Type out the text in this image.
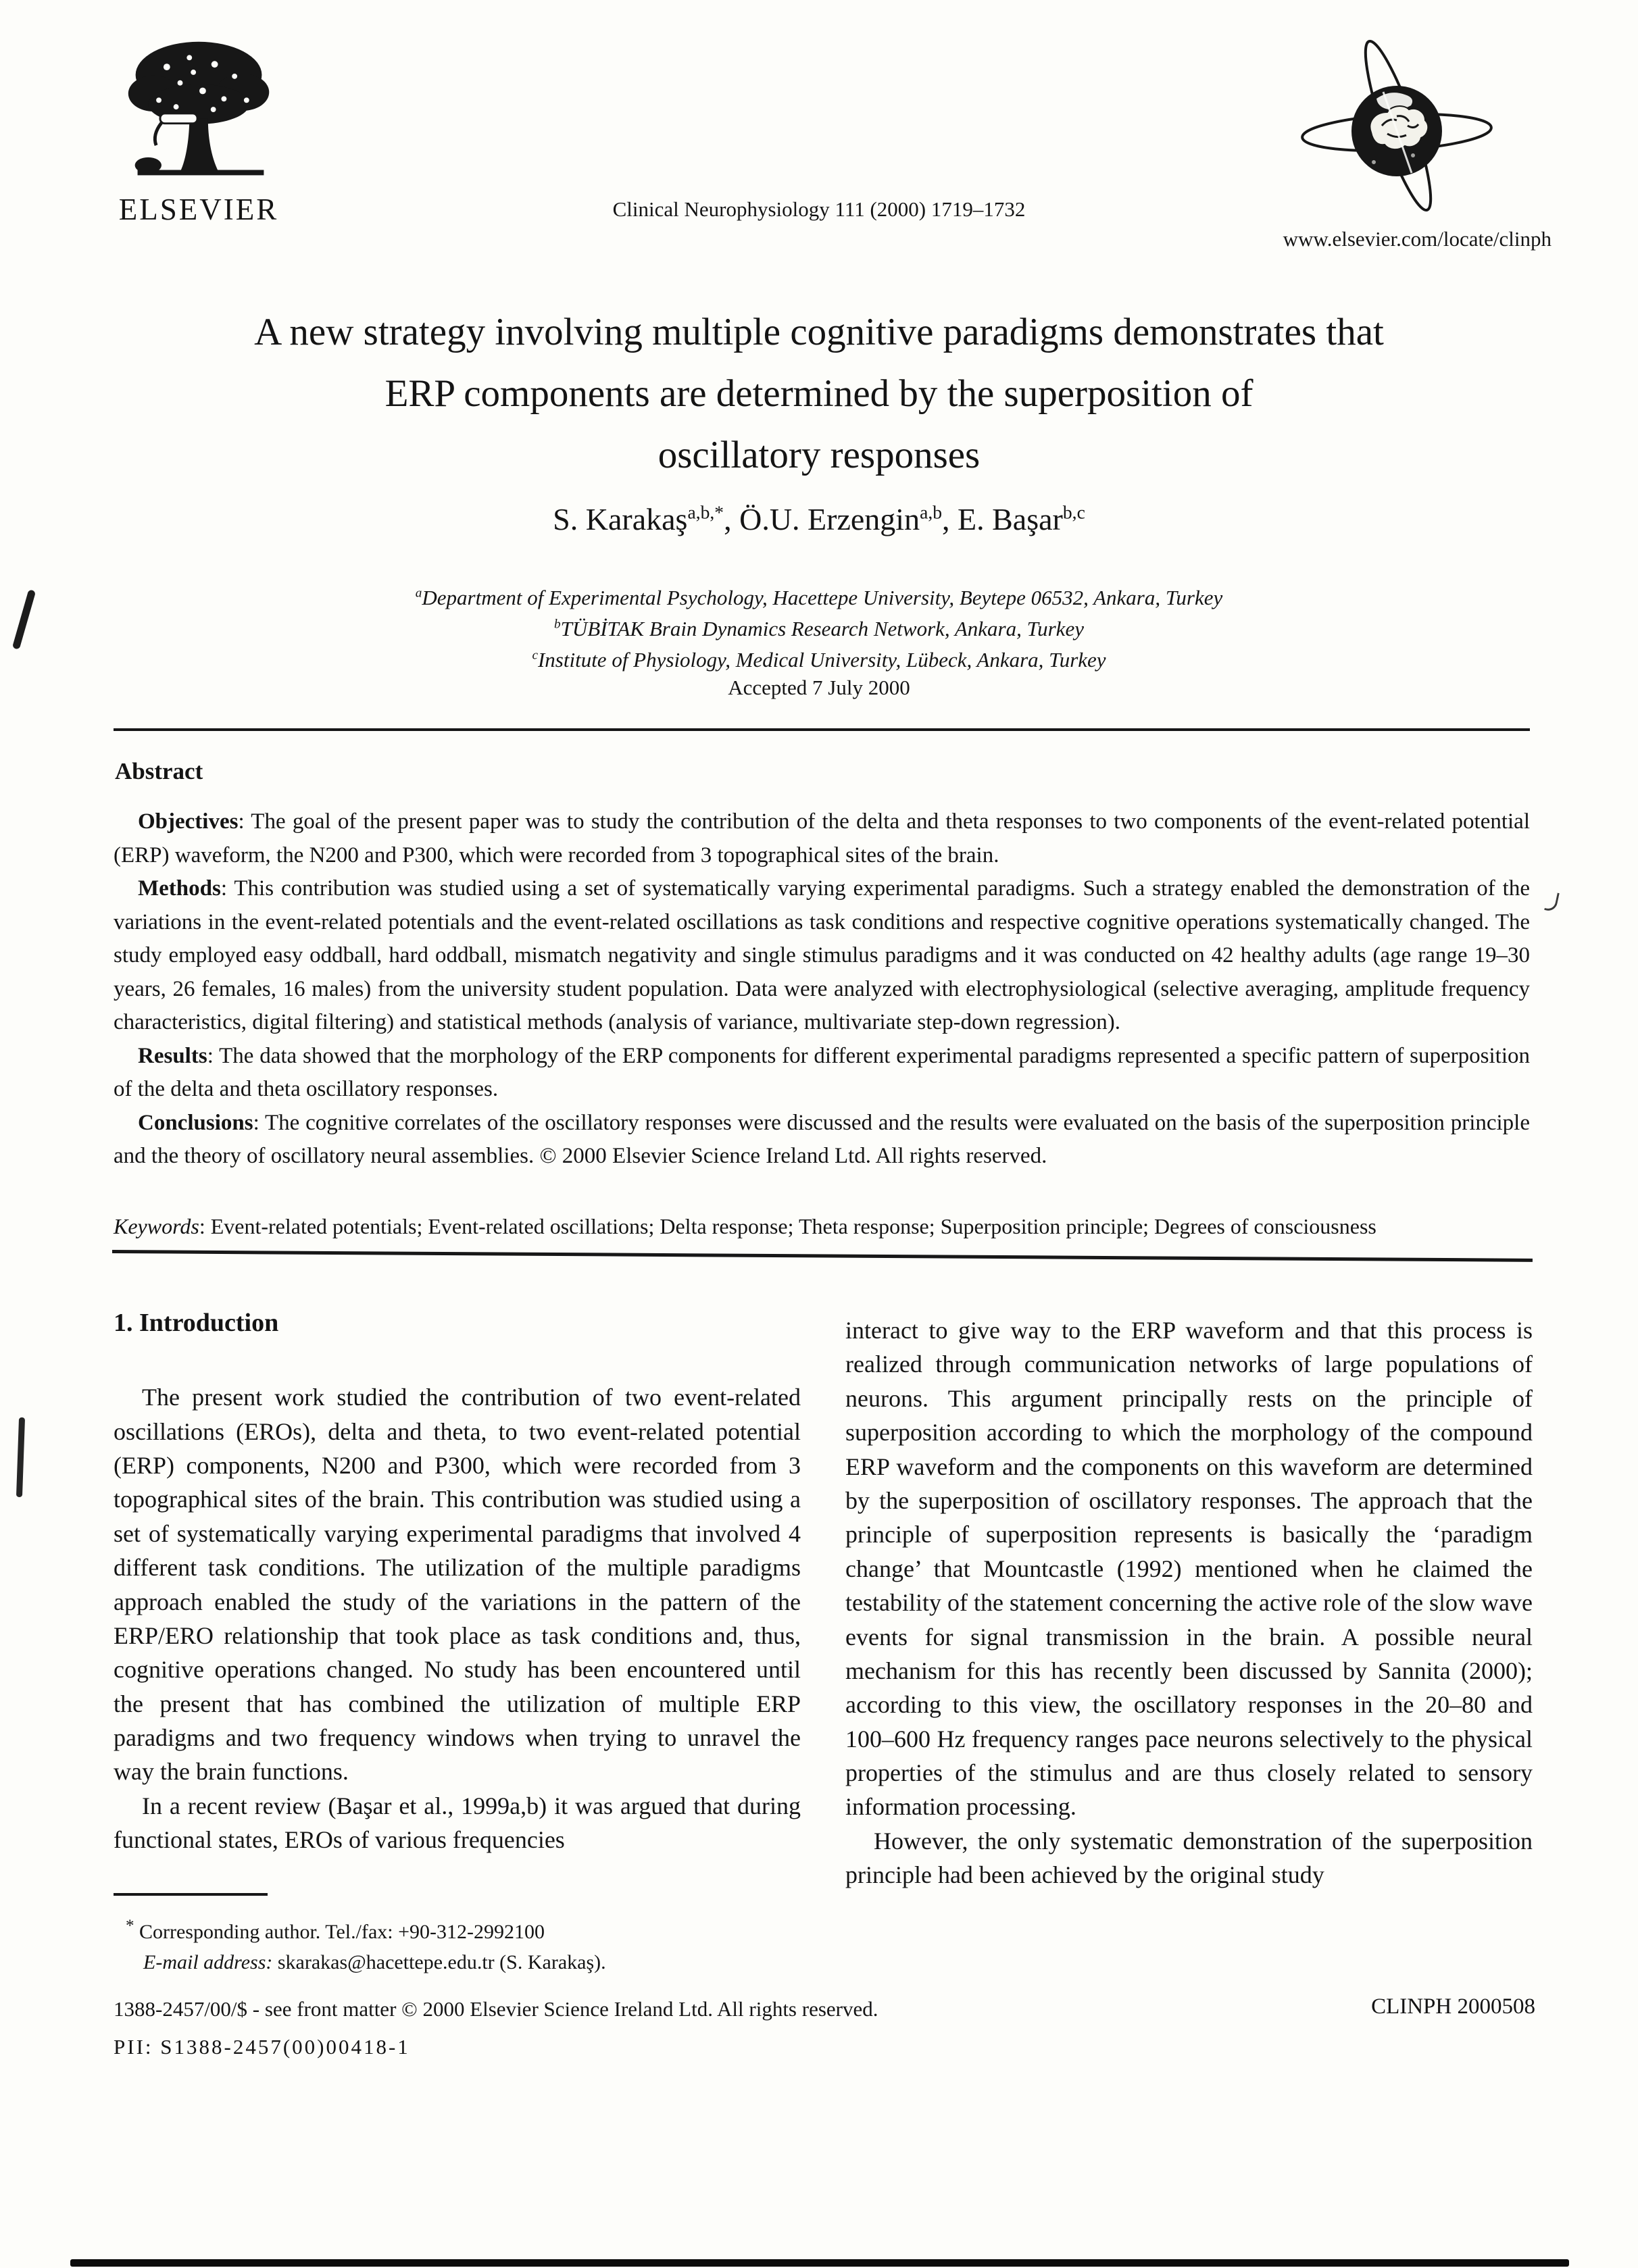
ELSEVIER	Clinical Neurophysiology 111 (2000) 1719–1732
www.elsevier.com/locate/clinph
A new strategy involving multiple cognitive paradigms demonstrates that
ERP components are determined by the superposition of
oscillatory responses
S. Karakaş$^{a,b,*}$, Ö.U. Erzengin$^{a,b}$, E. Başar$^{b,c}$
$^a$Department of Experimental Psychology, Hacettepe University, Beytepe 06532, Ankara, Turkey
$^b$TÜBİTAK Brain Dynamics Research Network, Ankara, Turkey
$^c$Institute of Physiology, Medical University, Lübeck, Ankara, Turkey
Accepted 7 July 2000
Abstract

Objectives: The goal of the present paper was to study the contribution of the delta and theta responses to two components of the event-related potential (ERP) waveform, the N200 and P300, which were recorded from 3 topographical sites of the brain.

Methods: This contribution was studied using a set of systematically varying experimental paradigms. Such a strategy enabled the demonstration of the variations in the event-related potentials and the event-related oscillations as task conditions and respective cognitive operations systematically changed. The study employed easy oddball, hard oddball, mismatch negativity and single stimulus paradigms and it was conducted on 42 healthy adults (age range 19–30 years, 26 females, 16 males) from the university student population. Data were analyzed with electrophysiological (selective averaging, amplitude frequency characteristics, digital filtering) and statistical methods (analysis of variance, multivariate step-down regression).

Results: The data showed that the morphology of the ERP components for different experimental paradigms represented a specific pattern of superposition of the delta and theta oscillatory responses.

Conclusions: The cognitive correlates of the oscillatory responses were discussed and the results were evaluated on the basis of the superposition principle and the theory of oscillatory neural assemblies. © 2000 Elsevier Science Ireland Ltd. All rights reserved.

Keywords: Event-related potentials; Event-related oscillations; Delta response; Theta response; Superposition principle; Degrees of consciousness
1. Introduction

The present work studied the contribution of two event-related oscillations (EROs), delta and theta, to two event-related potential (ERP) components, N200 and P300, which were recorded from 3 topographical sites of the brain. This contribution was studied using a set of systematically varying experimental paradigms that involved 4 different task conditions. The utilization of the multiple paradigms approach enabled the study of the variations in the pattern of the ERP/ERO relationship that took place as task conditions and, thus, cognitive operations changed. No study has been encountered until the present that has combined the utilization of multiple ERP paradigms and two frequency windows when trying to unravel the way the brain functions.

In a recent review (Başar et al., 1999a,b) it was argued that during functional states, EROs of various frequencies

interact to give way to the ERP waveform and that this process is realized through communication networks of large populations of neurons. This argument principally rests on the principle of superposition according to which the morphology of the compound ERP waveform and the components on this waveform are determined by the superposition of oscillatory responses. The approach that the principle of superposition represents is basically the ‘paradigm change’ that Mountcastle (1992) mentioned when he claimed the testability of the statement concerning the active role of the slow wave events for signal transmission in the brain. A possible neural mechanism for this has recently been discussed by Sannita (2000); according to this view, the oscillatory responses in the 20–80 and 100–600 Hz frequency ranges pace neurons selectively to the physical properties of the stimulus and are thus closely related to sensory information processing.

However, the only systematic demonstration of the superposition principle had been achieved by the original study

* Corresponding author. Tel./fax: +90-312-2992100
E-mail address: skarakas@hacettepe.edu.tr (S. Karakaş).
1388-2457/00/$ - see front matter © 2000 Elsevier Science Ireland Ltd. All rights reserved.
PII: S1388-2457(00)00418-1
CLINPH 2000508
